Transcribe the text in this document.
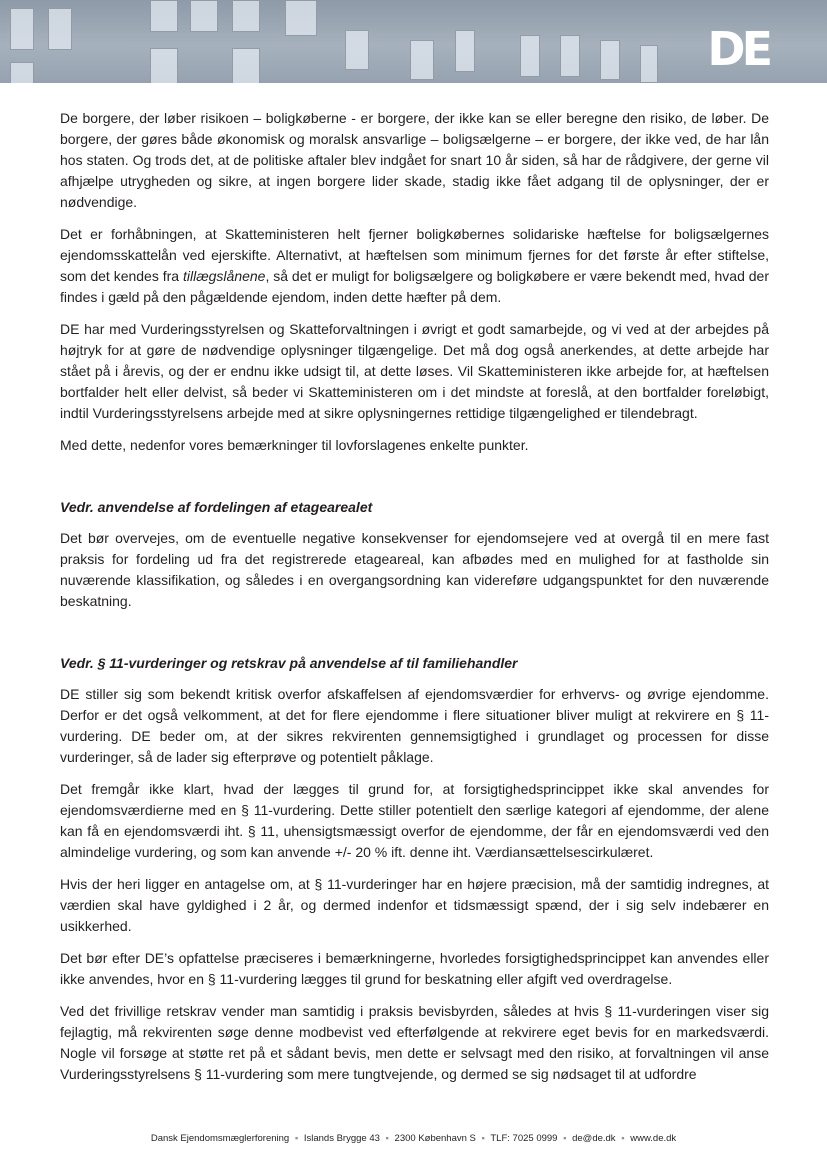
DE

De borgere, der løber risikoen – boligkøberne - er borgere, der ikke kan se eller beregne den risiko, de løber. De borgere, der gøres både økonomisk og moralsk ansvarlige – boligsælgerne – er borgere, der ikke ved, de har lån hos staten. Og trods det, at de politiske aftaler blev indgået for snart 10 år siden, så har de rådgivere, der gerne vil afhjælpe utrygheden og sikre, at ingen borgere lider skade, stadig ikke fået adgang til de oplysninger, der er nødvendige.

Det er forhåbningen, at Skatteministeren helt fjerner boligkøbernes solidariske hæftelse for boligsælgernes ejendomsskattelån ved ejerskifte. Alternativt, at hæftelsen som minimum fjernes for det første år efter stiftelse, som det kendes fra tillægslånene, så det er muligt for boligsælgere og boligkøbere er være bekendt med, hvad der findes i gæld på den pågældende ejendom, inden dette hæfter på dem.

DE har med Vurderingsstyrelsen og Skatteforvaltningen i øvrigt et godt samarbejde, og vi ved at der arbejdes på højtryk for at gøre de nødvendige oplysninger tilgængelige. Det må dog også anerkendes, at dette arbejde har stået på i årevis, og der er endnu ikke udsigt til, at dette løses. Vil Skatteministeren ikke arbejde for, at hæftelsen bortfalder helt eller delvist, så beder vi Skatteministeren om i det mindste at foreslå, at den bortfalder foreløbigt, indtil Vurderingsstyrelsens arbejde med at sikre oplysningernes rettidige tilgængelighed er tilendebragt.

Med dette, nedenfor vores bemærkninger til lovforslagenes enkelte punkter.

Vedr. anvendelse af fordelingen af etagearealet

Det bør overvejes, om de eventuelle negative konsekvenser for ejendomsejere ved at overgå til en mere fast praksis for fordeling ud fra det registrerede etageareal, kan afbødes med en mulighed for at fastholde sin nuværende klassifikation, og således i en overgangsordning kan videreføre udgangspunktet for den nuværende beskatning.

Vedr. § 11-vurderinger og retskrav på anvendelse af til familiehandler

DE stiller sig som bekendt kritisk overfor afskaffelsen af ejendomsværdier for erhvervs- og øvrige ejendomme. Derfor er det også velkomment, at det for flere ejendomme i flere situationer bliver muligt at rekvirere en § 11-vurdering. DE beder om, at der sikres rekvirenten gennemsigtighed i grundlaget og processen for disse vurderinger, så de lader sig efterprøve og potentielt påklage.

Det fremgår ikke klart, hvad der lægges til grund for, at forsigtighedsprincippet ikke skal anvendes for ejendomsværdierne med en § 11-vurdering. Dette stiller potentielt den særlige kategori af ejendomme, der alene kan få en ejendomsværdi iht. § 11, uhensigtsmæssigt overfor de ejendomme, der får en ejendomsværdi ved den almindelige vurdering, og som kan anvende +/- 20 % ift. denne iht. Værdiansættelsescirkulæret.

Hvis der heri ligger en antagelse om, at § 11-vurderinger har en højere præcision, må der samtidig indregnes, at værdien skal have gyldighed i 2 år, og dermed indenfor et tidsmæssigt spænd, der i sig selv indebærer en usikkerhed.

Det bør efter DE’s opfattelse præciseres i bemærkningerne, hvorledes forsigtighedsprincippet kan anvendes eller ikke anvendes, hvor en § 11-vurdering lægges til grund for beskatning eller afgift ved overdragelse.

Ved det frivillige retskrav vender man samtidig i praksis bevisbyrden, således at hvis § 11-vurderingen viser sig fejlagtig, må rekvirenten søge denne modbevist ved efterfølgende at rekvirere eget bevis for en markedsværdi. Nogle vil forsøge at støtte ret på et sådant bevis, men dette er selvsagt med den risiko, at forvaltningen vil anse Vurderingsstyrelsens § 11-vurdering som mere tungtvejende, og dermed se sig nødsaget til at udfordre

Dansk Ejendomsmæglerforening ▪ Islands Brygge 43 ▪ 2300 København S ▪ TLF: 7025 0999 ▪ de@de.dk ▪ www.de.dk
